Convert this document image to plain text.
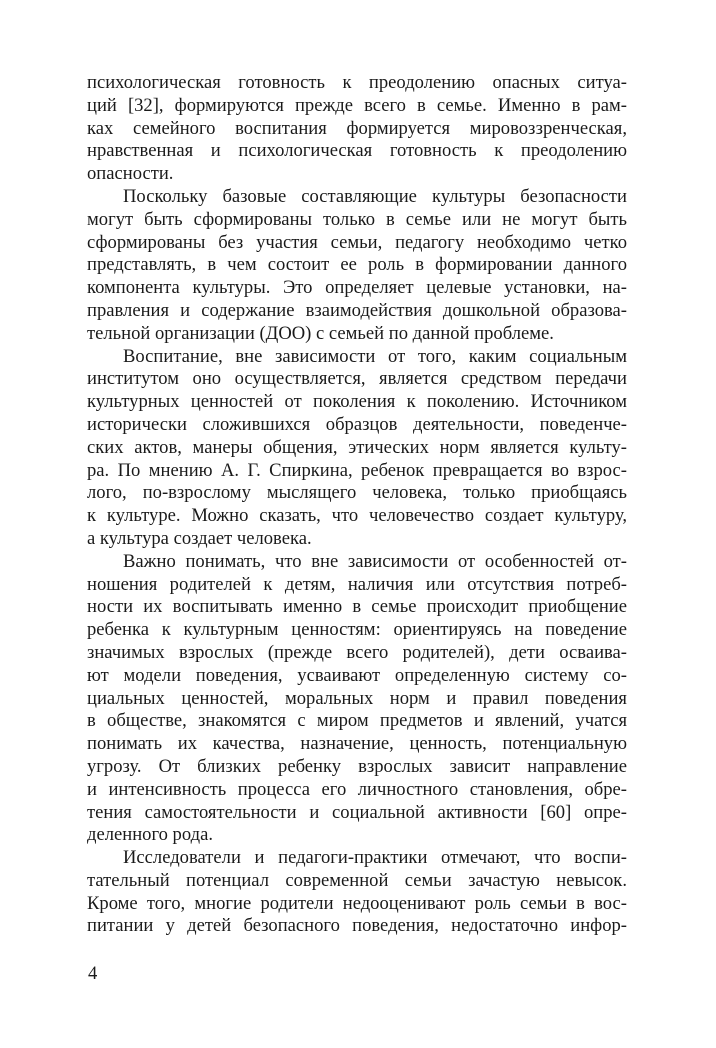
психологическая готовность к преодолению опасных ситуа-
ций [32], формируются прежде всего в семье. Именно в рам-
ках семейного воспитания формируется мировоззренческая,
нравственная и психологическая готовность к преодолению
опасности.
Поскольку базовые составляющие культуры безопасности
могут быть сформированы только в семье или не могут быть
сформированы без участия семьи, педагогу необходимо четко
представлять, в чем состоит ее роль в формировании данного
компонента культуры. Это определяет целевые установки, на-
правления и содержание взаимодействия дошкольной образова-
тельной организации (ДОО) с семьей по данной проблеме.
Воспитание, вне зависимости от того, каким социальным
институтом оно осуществляется, является средством передачи
культурных ценностей от поколения к поколению. Источником
исторически сложившихся образцов деятельности, поведенче-
ских актов, манеры общения, этических норм является культу-
ра. По мнению А. Г. Спиркина, ребенок превращается во взрос-
лого, по-взрослому мыслящего человека, только приобщаясь
к культуре. Можно сказать, что человечество создает культуру,
а культура создает человека.
Важно понимать, что вне зависимости от особенностей от-
ношения родителей к детям, наличия или отсутствия потреб-
ности их воспитывать именно в семье происходит приобщение
ребенка к культурным ценностям: ориентируясь на поведение
значимых взрослых (прежде всего родителей), дети осваива-
ют модели поведения, усваивают определенную систему со-
циальных ценностей, моральных норм и правил поведения
в обществе, знакомятся с миром предметов и явлений, учатся
понимать их качества, назначение, ценность, потенциальную
угрозу. От близких ребенку взрослых зависит направление
и интенсивность процесса его личностного становления, обре-
тения самостоятельности и социальной активности [60] опре-
деленного рода.
Исследователи и педагоги-практики отмечают, что воспи-
тательный потенциал современной семьи зачастую невысок.
Кроме того, многие родители недооценивают роль семьи в вос-
питании у детей безопасного поведения, недостаточно инфор-
4
